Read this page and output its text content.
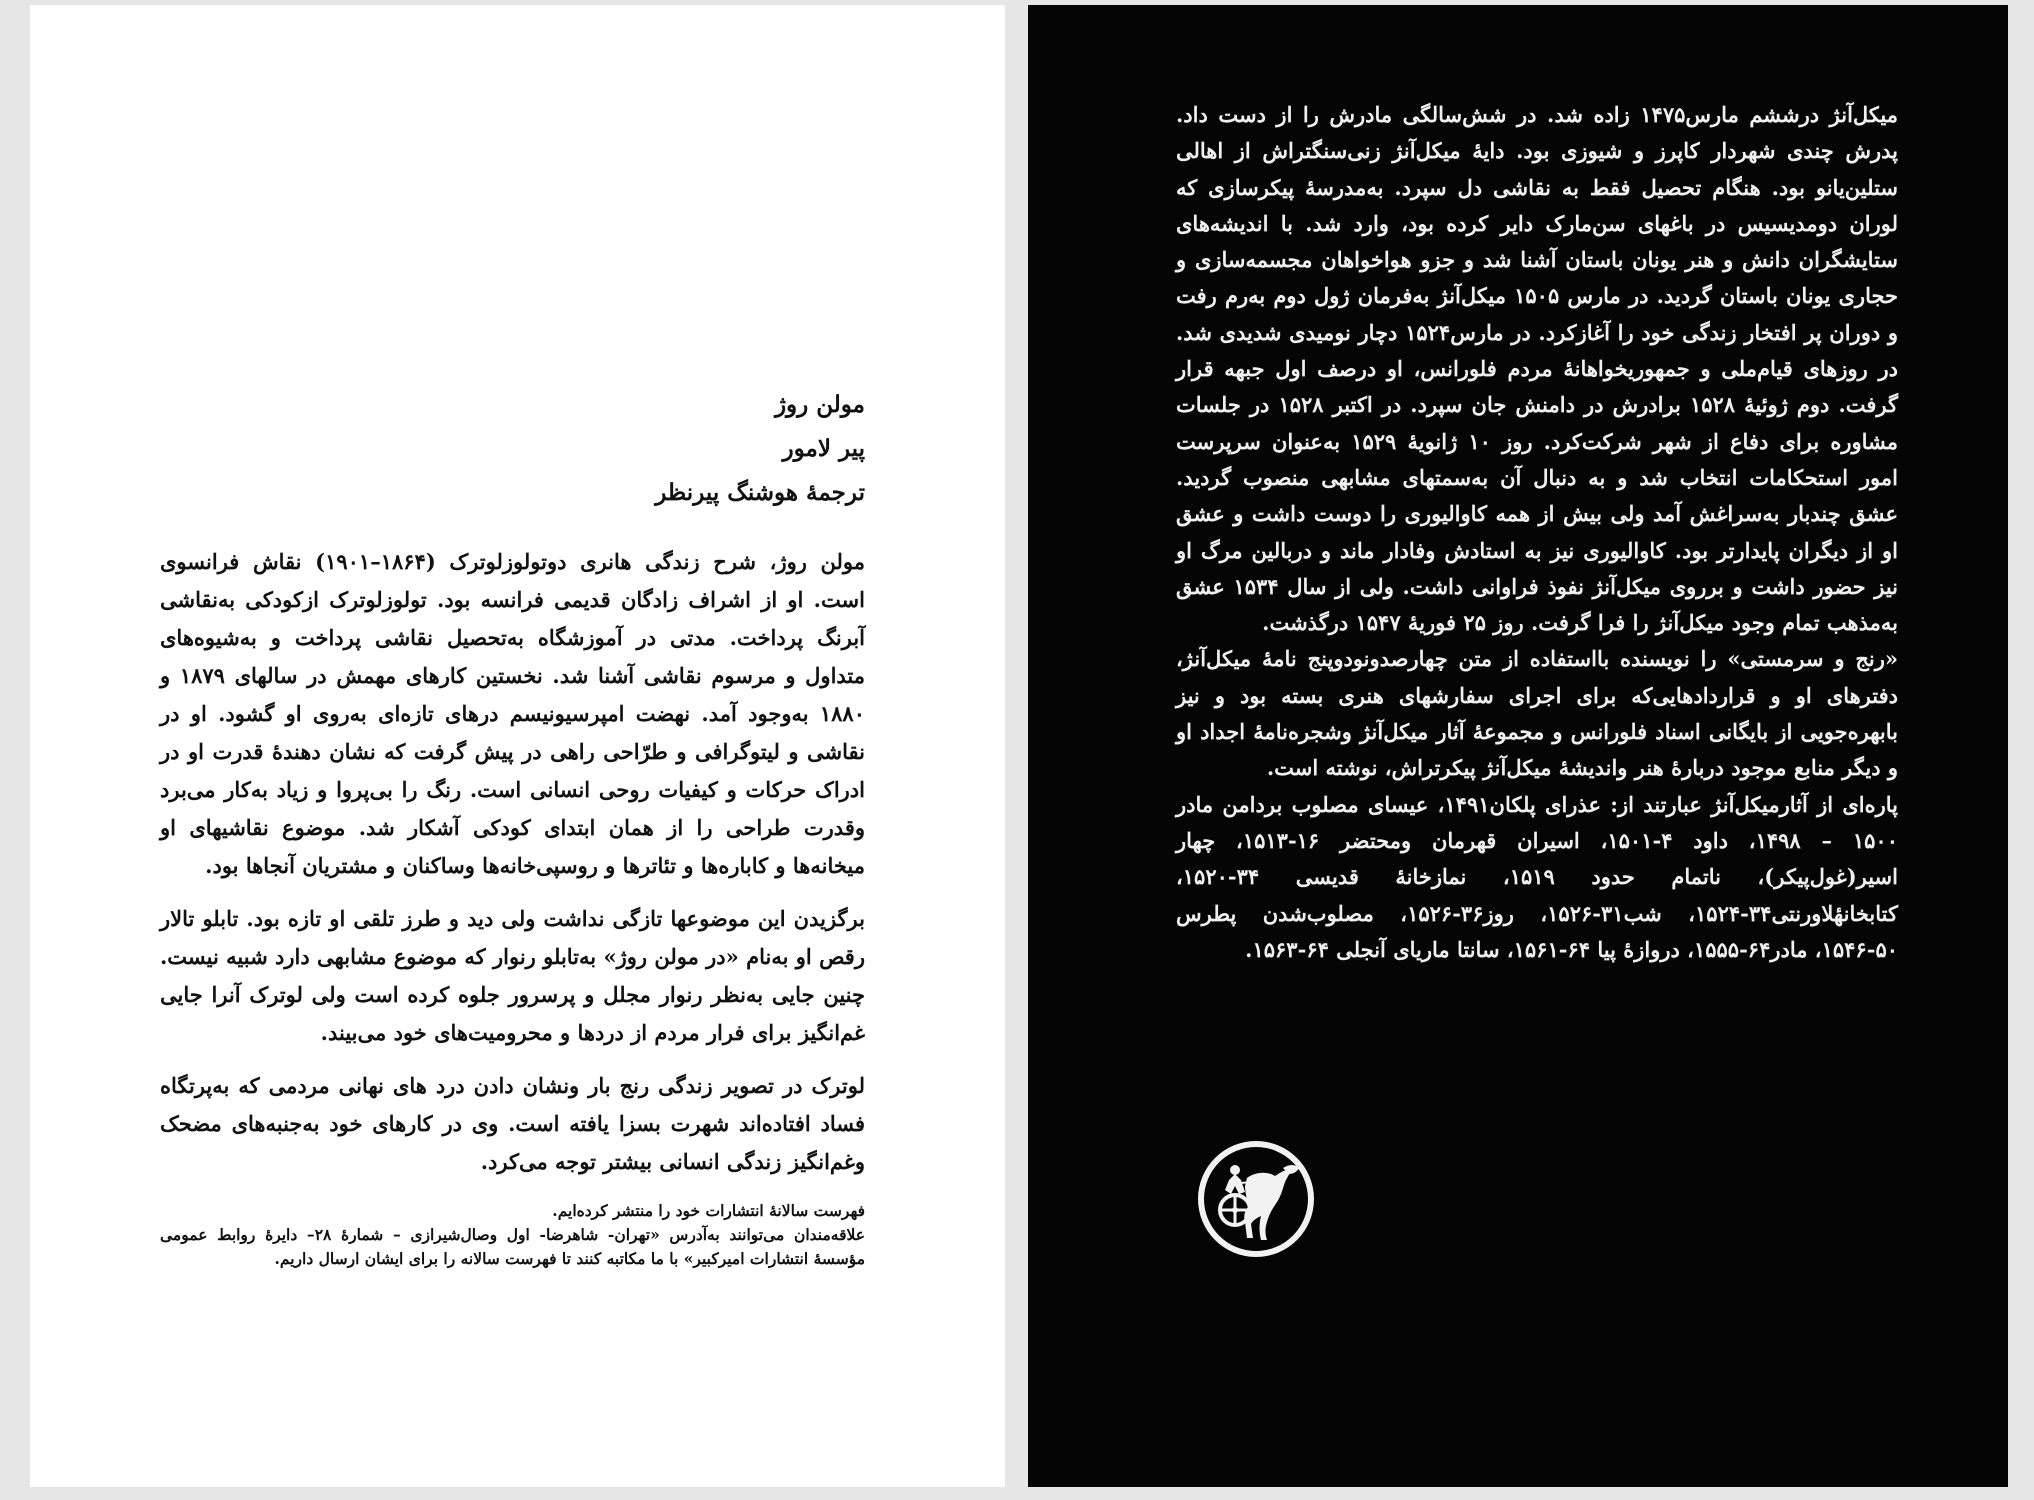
مولن روژ
پیر لامور
ترجمهٔ هوشنگ پیرنظر

مولن روژ، شرح زندگی هانری دوتولوزلوترک (۱۸۶۴–۱۹۰۱) نقاش فرانسوی است. او از اشراف زادگان قدیمی فرانسه بود. تولوزلوترک ازکودکی به‌نقاشی آبرنگ پرداخت. مدتی در آموزشگاه به‌تحصیل نقاشی پرداخت و به‌شیوه‌های متداول و مرسوم نقاشی آشنا شد. نخستین کارهای مهمش در سالهای ۱۸۷۹ و ۱۸۸۰ به‌وجود آمد. نهضت امپرسیونیسم درهای تازه‌ای به‌روی او گشود. او در نقاشی و لیتوگرافی و طرّاحی راهی در پیش گرفت که نشان دهندهٔ قدرت او در ادراک حرکات و کیفیات روحی انسانی است. رنگ را بی‌پروا و زیاد به‌کار می‌برد وقدرت طراحی را از همان ابتدای کودکی آشکار شد. موضوع نقاشیهای او میخانه‌ها و کاباره‌ها و تئاترها و روسپی‌خانه‌ها وساکنان و مشتریان آنجاها بود.

برگزیدن این موضوعها تازگی نداشت ولی دید و طرز تلقی او تازه بود. تابلو تالار رقص او به‌نام «در مولن روژ» به‌تابلو رنوار که موضوع مشابهی دارد شبیه نیست. چنین جایی به‌نظر رنوار مجلل و پرسرور جلوه کرده است ولی لوترک آنرا جایی غم‌انگیز برای فرار مردم از دردها و محرومیت‌های خود می‌بیند.

لوترک در تصویر زندگی رنج بار ونشان دادن درد های نهانی مردمی که به‌پرتگاه فساد افتاده‌اند شهرت بسزا یافته است. وی در کارهای خود به‌جنبه‌های مضحک وغم‌انگیز زندگی انسانی بیشتر توجه می‌کرد.

فهرست سالانهٔ انتشارات خود را منتشر کرده‌ایم.

علاقه‌مندان می‌توانند به‌آدرس «تهران- شاهرضا- اول وصال‌شیرازی – شمارهٔ ۲۸– دایرهٔ روابط عمومی مؤسسهٔ انتشارات امیرکبیر» با ما مکاتبه کنند تا فهرست سالانه را برای ایشان ارسال داریم.

میکل‌آنژ درششم مارس۱۴۷۵ زاده شد. در شش‌سالگی مادرش را از دست داد. پدرش چندی شهردار کاپرز و شیوزی بود. دایهٔ میکل‌آنژ زنی‌سنگتراش از اهالی ستلین‌یانو بود. هنگام تحصیل فقط به نقاشی دل سپرد. به‌مدرسهٔ پیکرسازی که لوران دومدیسیس در باغهای سن‌مارک دایر کرده بود، وارد شد. با اندیشه‌های ستایشگران دانش و هنر یونان باستان آشنا شد و جزو هواخواهان مجسمه‌سازی و حجاری یونان باستان گردید. در مارس ۱۵۰۵ میکل‌آنژ به‌فرمان ژول دوم به‌رم رفت و دوران پر افتخار زندگی خود را آغازکرد. در مارس۱۵۲۴ دچار نومیدی شدیدی شد. در روزهای قیام‌ملی و جمهوریخواهانهٔ مردم فلورانس، او درصف اول جبهه قرار گرفت. دوم ژوئیهٔ ۱۵۲۸ برادرش در دامنش جان سپرد. در اکتبر ۱۵۲۸ در جلسات مشاوره برای دفاع از شهر شرکت‌کرد. روز ۱۰ ژانویهٔ ۱۵۲۹ به‌عنوان سرپرست امور استحکامات انتخاب شد و به دنبال آن به‌سمتهای مشابهی منصوب گردید. عشق چندبار به‌سراغش آمد ولی بیش از همه کاوالیوری را دوست داشت و عشق او از دیگران پایدارتر بود. کاوالیوری نیز به استادش وفادار ماند و دربالین مرگ او نیز حضور داشت و برروی میکل‌آنژ نفوذ فراوانی داشت. ولی از سال ۱۵۳۴ عشق به‌مذهب تمام وجود میکل‌آنژ را فرا گرفت. روز ۲۵ فوریهٔ ۱۵۴۷ درگذشت.

«رنج و سرمستی» را نویسنده بااستفاده از متن چهارصدونودوپنج نامهٔ میکل‌آنژ، دفترهای او و قراردادهایی‌که برای اجرای سفارشهای هنری بسته بود و نیز بابهره‌جویی از بایگانی اسناد فلورانس و مجموعهٔ آثار میکل‌آنژ وشجره‌نامهٔ اجداد او و دیگر منابع موجود دربارهٔ هنر واندیشهٔ میکل‌آنژ پیکرتراش، نوشته است.

پاره‌ای از آثارمیکل‌آنژ عبارتند از: عذرای پلکان۱۴۹۱، عیسای مصلوب بردامن مادر ۱۵۰۰ – ۱۴۹۸، داود ۴-۱۵۰۱، اسیران قهرمان ومحتضر ۱۶-۱۵۱۳، چهار اسیر(غول‌پیکر)، ناتمام حدود ۱۵۱۹، نمازخانهٔ قدیسی ۳۴-۱۵۲۰، کتابخانهٔلاورنتی۳۴-۱۵۲۴، شب۳۱-۱۵۲۶، روز۳۶-۱۵۲۶، مصلوب‌شدن پطرس ۵۰-۱۵۴۶، مادر۶۴-۱۵۵۵، دروازهٔ پیا ۶۴-۱۵۶۱، سانتا ماریای آنجلی ۶۴-۱۵۶۳.
